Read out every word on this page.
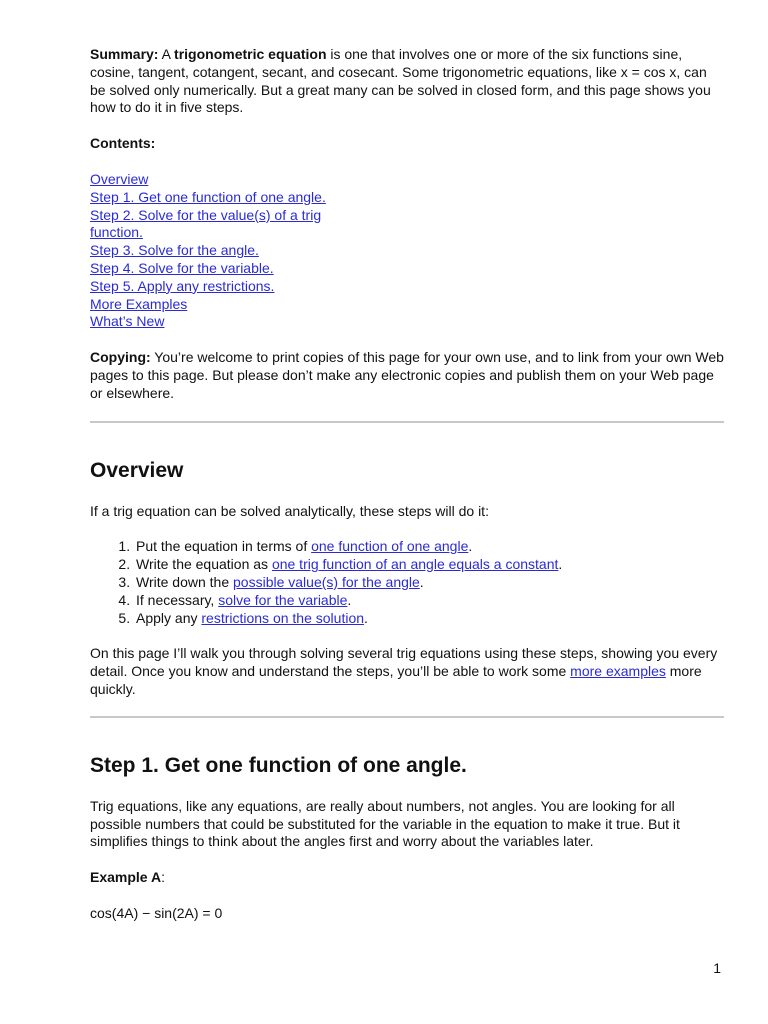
Summary: A trigonometric equation is one that involves one or more of the six functions sine, cosine, tangent, cotangent, secant, and cosecant. Some trigonometric equations, like x = cos x, can be solved only numerically. But a great many can be solved in closed form, and this page shows you how to do it in five steps.

Contents:

Overview
Step 1. Get one function of one angle.
Step 2. Solve for the value(s) of a trig function.
Step 3. Solve for the angle.
Step 4. Solve for the variable.
Step 5. Apply any restrictions.
More Examples
What’s New

Copying: You’re welcome to print copies of this page for your own use, and to link from your own Web pages to this page. But please don’t make any electronic copies and publish them on your Web page or elsewhere.

Overview

If a trig equation can be solved analytically, these steps will do it:

1. Put the equation in terms of one function of one angle.
2. Write the equation as one trig function of an angle equals a constant.
3. Write down the possible value(s) for the angle.
4. If necessary, solve for the variable.
5. Apply any restrictions on the solution.

On this page I’ll walk you through solving several trig equations using these steps, showing you every detail. Once you know and understand the steps, you’ll be able to work some more examples more quickly.

Step 1. Get one function of one angle.

Trig equations, like any equations, are really about numbers, not angles. You are looking for all possible numbers that could be substituted for the variable in the equation to make it true. But it simplifies things to think about the angles first and worry about the variables later.

Example A:

cos(4A) − sin(2A) = 0

1
